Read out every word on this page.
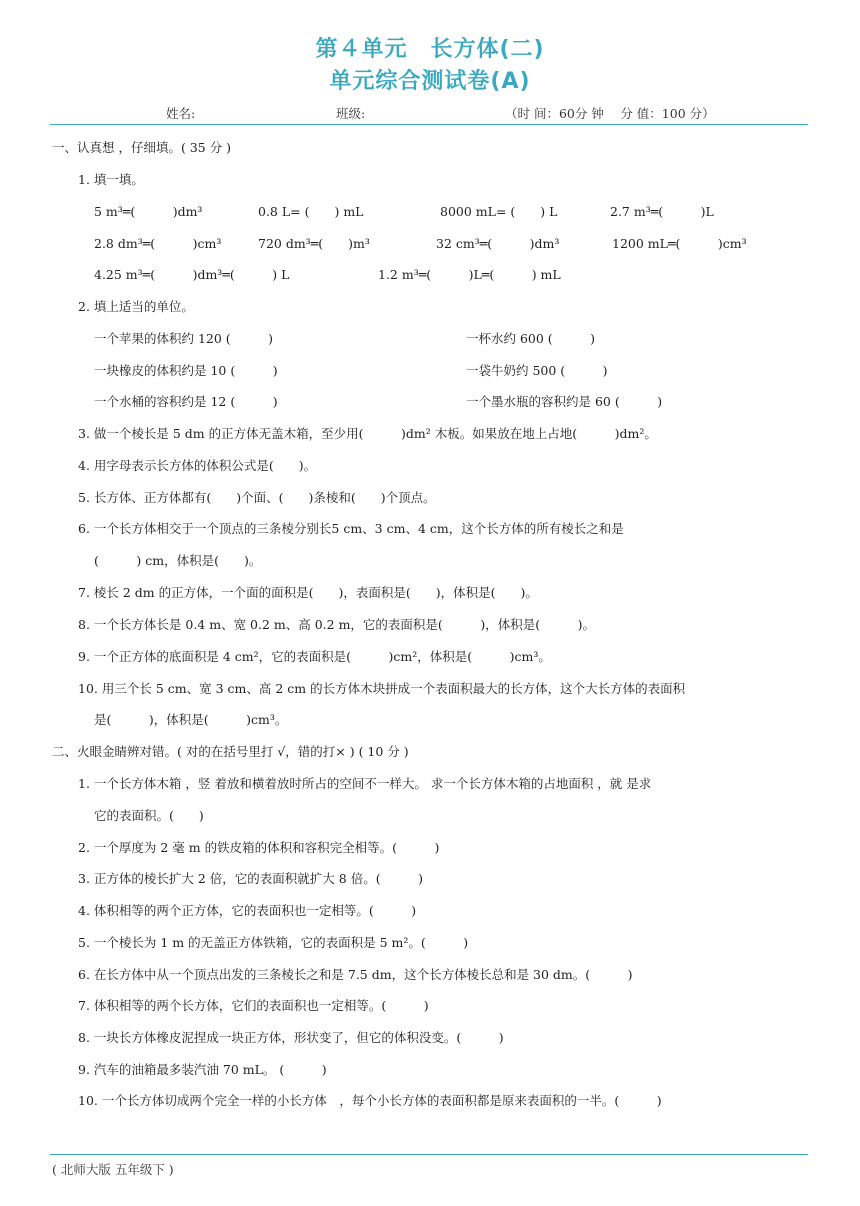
第４单元　长方体(二)
单元综合测试卷(A)
姓名:	班级:	（时 间：60分 钟　 分 值：100 分）
一、认真想 ，仔细填。( 35 分 )
1. 填一填。
5 m³═(　　　)dm³	0.8 L= (　　) mL	8000 mL= (　　) L	2.7 m³═(　　　)L
2.8 dm³═(　　　)cm³	720 dm³═(　　)m³	32 cm³═(　　　)dm³	1200 mL═(　　　)cm³
4.25 m³═(　　　)dm³═(　　　) L	1.2 m³═(　　　)L═(　　　) mL
2. 填上适当的单位。
一个苹果的体积约 120 (　　　)	一杯水约 600 (　　　)
一块橡皮的体积约是 10 (　　　)	一袋牛奶约 500 (　　　)
一个水桶的容积约是 12 (　　　)	一个墨水瓶的容积约是 60 (　　　)
3. 做一个棱长是 5 dm 的正方体无盖木箱，至少用(　　　)dm² 木板。如果放在地上占地(　　　)dm²。
4. 用字母表示长方体的体积公式是(　　)。
5. 长方体、正方体都有(　　)个面、(　　)条棱和(　　)个顶点。
6. 一个长方体相交于一个顶点的三条棱分别长5 cm、3 cm、4 cm，这个长方体的所有棱长之和是
(　　　) cm，体积是(　　)。
7. 棱长 2 dm 的正方体，一个面的面积是(　　)，表面积是(　　)，体积是(　　)。
8. 一个长方体长是 0.4 m、宽 0.2 m、高 0.2 m，它的表面积是(　　　)，体积是(　　　)。
9. 一个正方体的底面积是 4 cm²，它的表面积是(　　　)cm²，体积是(　　　)cm³。
10. 用三个长 5 cm、宽 3 cm、高 2 cm 的长方体木块拼成一个表面积最大的长方体，这个大长方体的表面积
是(　　　)，体积是(　　　)cm³。
二、火眼金睛辨对错。( 对的在括号里打 √，错的打× ) ( 10 分 )
1. 一个长方体木箱 ，竖 着放和横着放时所占的空间不一样大。 求一个长方体木箱的占地面积 ，就 是求
它的表面积。(　　)
2. 一个厚度为 2 毫 m 的铁皮箱的体积和容积完全相等。(　　　)
3. 正方体的棱长扩大 2 倍，它的表面积就扩大 8 倍。(　　　)
4. 体积相等的两个正方体，它的表面积也一定相等。(　　　)
5. 一个棱长为 1 m 的无盖正方体铁箱，它的表面积是 5 m²。(　　　)
6. 在长方体中从一个顶点出发的三条棱长之和是 7.5 dm，这个长方体棱长总和是 30 dm。(　　　)
7. 体积相等的两个长方体，它们的表面积也一定相等。(　　　)
8. 一块长方体橡皮泥捏成一块正方体，形状变了，但它的体积没变。(　　　)
9. 汽车的油箱最多装汽油 70 mL。 (　　　)
10. 一个长方体切成两个完全一样的小长方体　，每个小长方体的表面积都是原来表面积的一半。(　　　)
( 北师大版 五年级下 )
